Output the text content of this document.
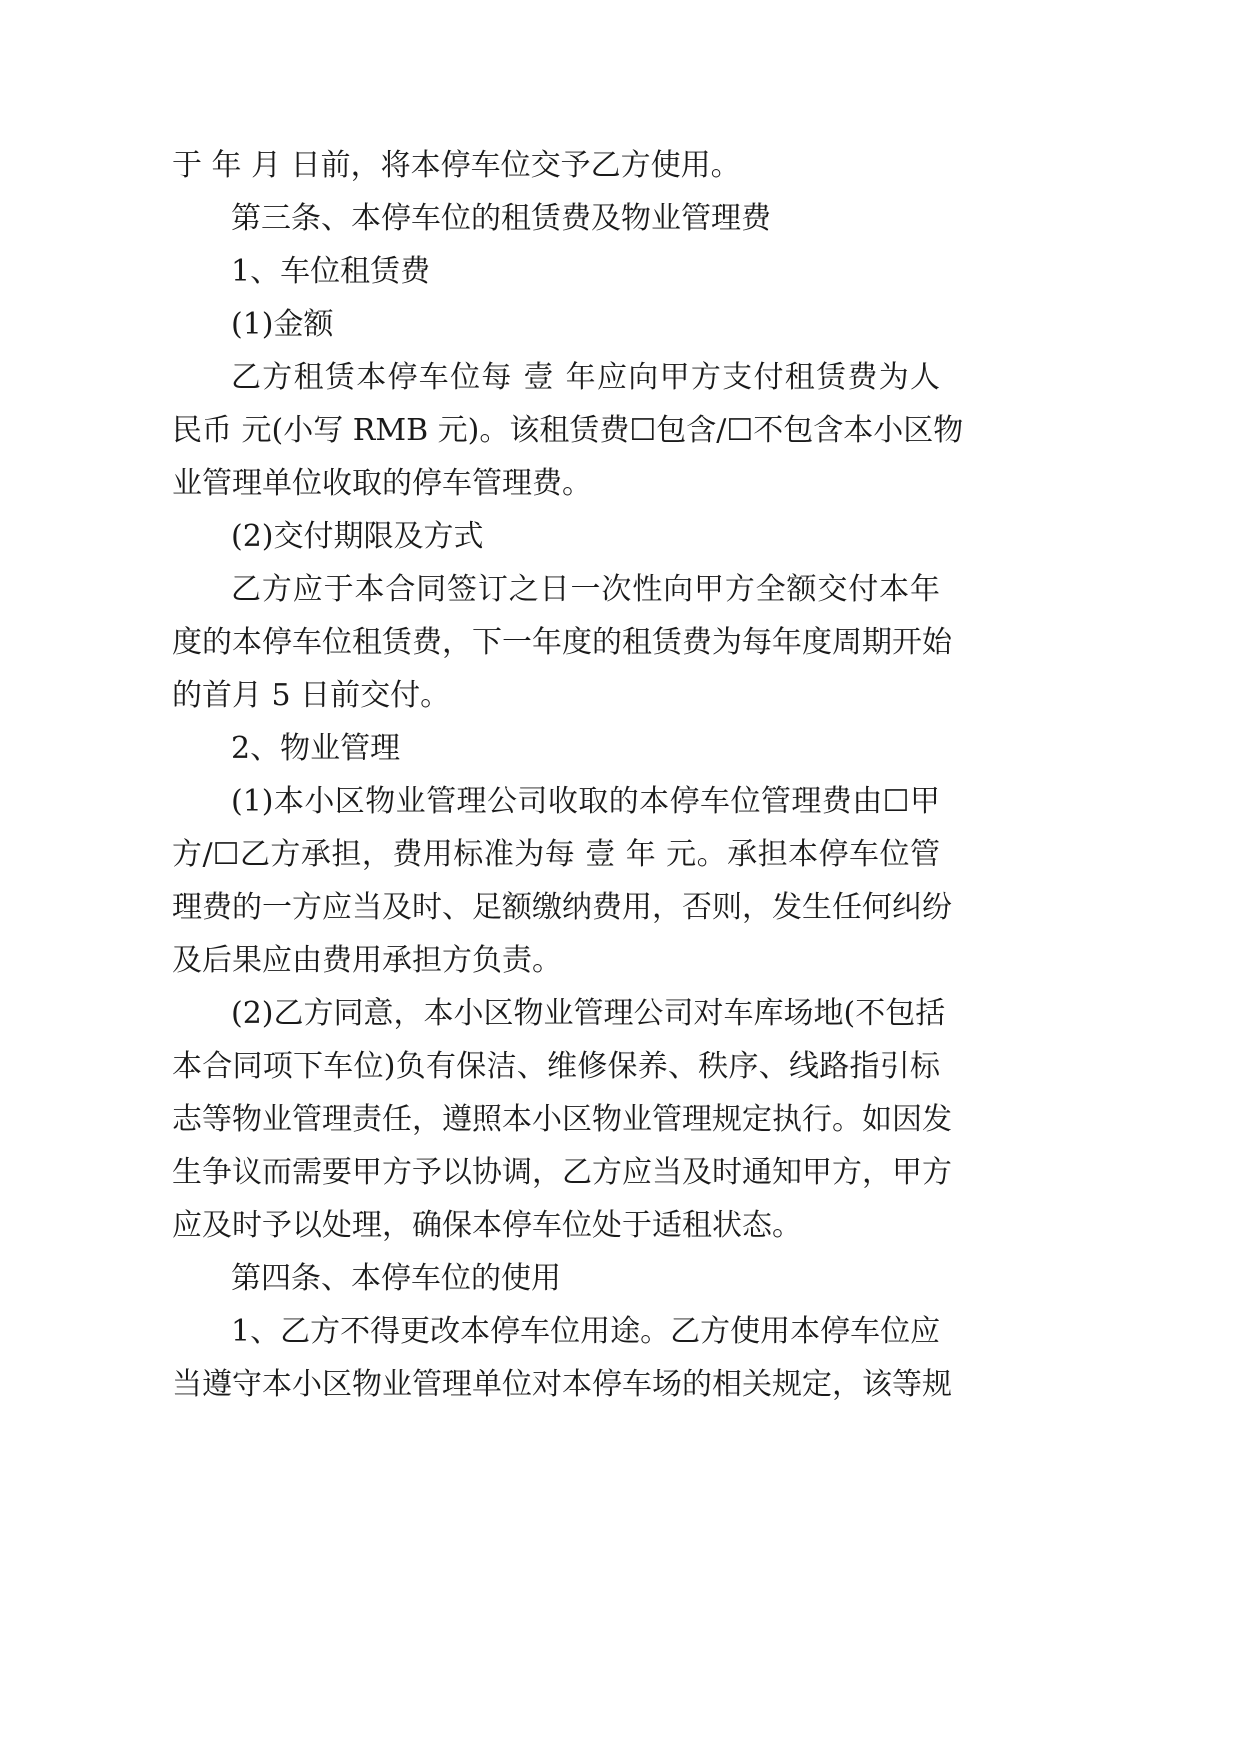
于 年 月 日前，将本停车位交予乙方使用。
第三条、本停车位的租赁费及物业管理费
1、车位租赁费
(1)金额
乙方租赁本停车位每 壹 年应向甲方支付租赁费为人
民币 元(小写 RMB 元)。该租赁费☐包含/☐不包含本小区物
业管理单位收取的停车管理费。
(2)交付期限及方式
乙方应于本合同签订之日一次性向甲方全额交付本年
度的本停车位租赁费，下一年度的租赁费为每年度周期开始
的首月 5 日前交付。
2、物业管理
(1)本小区物业管理公司收取的本停车位管理费由☐甲
方/☐乙方承担，费用标准为每 壹 年 元。承担本停车位管
理费的一方应当及时、足额缴纳费用，否则，发生任何纠纷
及后果应由费用承担方负责。
(2)乙方同意，本小区物业管理公司对车库场地(不包括
本合同项下车位)负有保洁、维修保养、秩序、线路指引标
志等物业管理责任，遵照本小区物业管理规定执行。如因发
生争议而需要甲方予以协调，乙方应当及时通知甲方，甲方
应及时予以处理，确保本停车位处于适租状态。
第四条、本停车位的使用
1、乙方不得更改本停车位用途。乙方使用本停车位应
当遵守本小区物业管理单位对本停车场的相关规定，该等规
